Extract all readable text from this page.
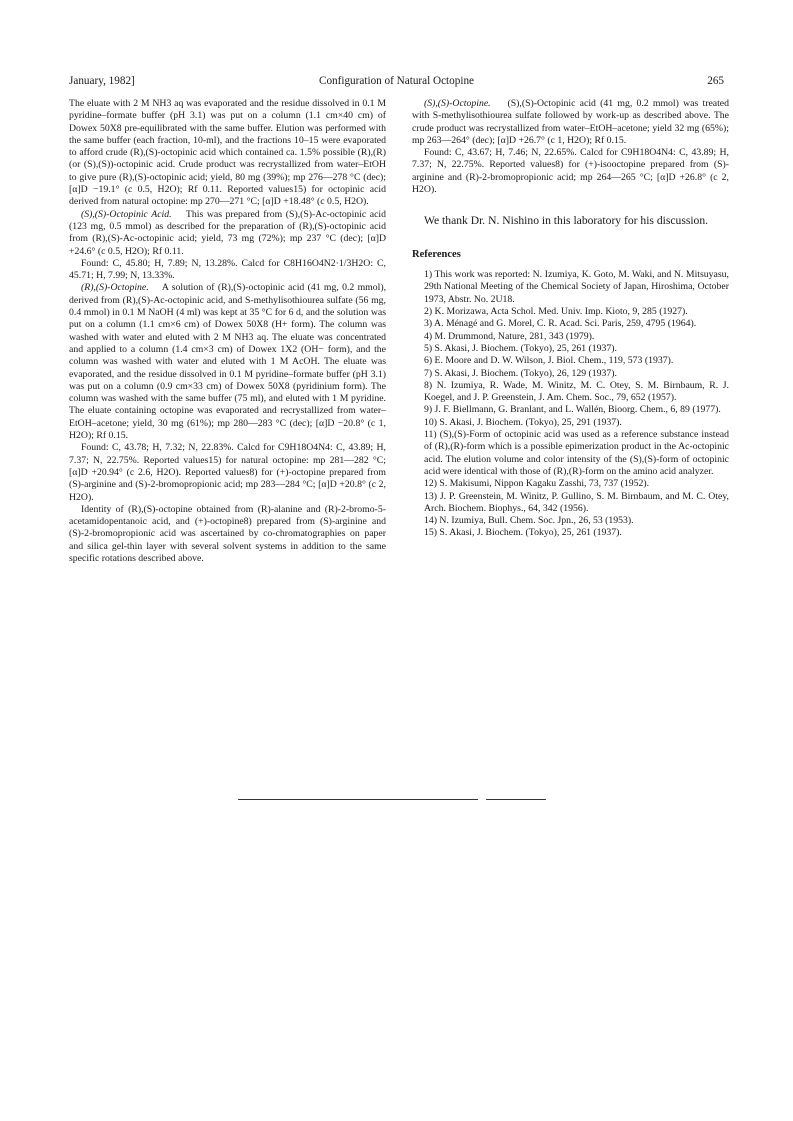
January, 1982]	Configuration of Natural Octopine	265

The eluate with 2 M NH3 aq was evaporated and the residue dissolved in 0.1 M pyridine–formate buffer (pH 3.1) was put on a column (1.1 cm×40 cm) of Dowex 50X8 pre-equilibrated with the same buffer. Elution was performed with the same buffer (each fraction, 10-ml), and the fractions 10–15 were evaporated to afford crude (R),(S)-octopinic acid which contained ca. 1.5% possible (R),(R) (or (S),(S))-octopinic acid. Crude product was recrystallized from water–EtOH to give pure (R),(S)-octopinic acid; yield, 80 mg (39%); mp 276—278 °C (dec); [α]D −19.1° (c 0.5, H2O); Rf 0.11. Reported values15) for octopinic acid derived from natural octopine: mp 270—271 °C; [α]D +18.48° (c 0.5, H2O).

(S),(S)-Octopinic Acid. This was prepared from (S),(S)-Ac-octopinic acid (123 mg, 0.5 mmol) as described for the preparation of (R),(S)-octopinic acid from (R),(S)-Ac-octopinic acid; yield, 73 mg (72%); mp 237 °C (dec); [α]D +24.6° (c 0.5, H2O); Rf 0.11.

Found: C, 45.80; H, 7.89; N, 13.28%. Calcd for C8H16O4N2·1/3H2O: C, 45.71; H, 7.99; N, 13.33%.

(R),(S)-Octopine. A solution of (R),(S)-octopinic acid (41 mg, 0.2 mmol), derived from (R),(S)-Ac-octopinic acid, and S-methylisothiourea sulfate (56 mg, 0.4 mmol) in 0.1 M NaOH (4 ml) was kept at 35 °C for 6 d, and the solution was put on a column (1.1 cm×6 cm) of Dowex 50X8 (H+ form). The column was washed with water and eluted with 2 M NH3 aq. The eluate was concentrated and applied to a column (1.4 cm×3 cm) of Dowex 1X2 (OH− form), and the column was washed with water and eluted with 1 M AcOH. The eluate was evaporated, and the residue dissolved in 0.1 M pyridine–formate buffer (pH 3.1) was put on a column (0.9 cm×33 cm) of Dowex 50X8 (pyridinium form). The column was washed with the same buffer (75 ml), and eluted with 1 M pyridine. The eluate containing octopine was evaporated and recrystallized from water–EtOH–acetone; yield, 30 mg (61%); mp 280—283 °C (dec); [α]D −20.8° (c 1, H2O); Rf 0.15.

Found: C, 43.78; H, 7.32; N, 22.83%. Calcd for C9H18O4N4: C, 43.89; H, 7.37; N, 22.75%. Reported values15) for natural octopine: mp 281—282 °C; [α]D +20.94° (c 2.6, H2O). Reported values8) for (+)-octopine prepared from (S)-arginine and (S)-2-bromopropionic acid; mp 283—284 °C; [α]D +20.8° (c 2, H2O).

Identity of (R),(S)-octopine obtained from (R)-alanine and (R)-2-bromo-5-acetamidopentanoic acid, and (+)-octopine8) prepared from (S)-arginine and (S)-2-bromopropionic acid was ascertained by co-chromatographies on paper and silica gel-thin layer with several solvent systems in addition to the same specific rotations described above.

(S),(S)-Octopine. (S),(S)-Octopinic acid (41 mg, 0.2 mmol) was treated with S-methylisothiourea sulfate followed by work-up as described above. The crude product was recrystallized from water–EtOH–acetone; yield 32 mg (65%); mp 263—264° (dec); [α]D +26.7° (c 1, H2O); Rf 0.15.

Found: C, 43.67; H, 7.46; N, 22.65%. Calcd for C9H18O4N4: C, 43.89; H, 7.37; N, 22.75%. Reported values8) for (+)-isooctopine prepared from (S)-arginine and (R)-2-bromopropionic acid; mp 264—265 °C; [α]D +26.8° (c 2, H2O).

We thank Dr. N. Nishino in this laboratory for his discussion.

References

1) This work was reported: N. Izumiya, K. Goto, M. Waki, and N. Mitsuyasu, 29th National Meeting of the Chemical Society of Japan, Hiroshima, October 1973, Abstr. No. 2U18.

2) K. Morizawa, Acta Schol. Med. Univ. Imp. Kioto, 9, 285 (1927).

3) A. Ménagé and G. Morel, C. R. Acad. Sci. Paris, 259, 4795 (1964).

4) M. Drummond, Nature, 281, 343 (1979).

5) S. Akasi, J. Biochem. (Tokyo), 25, 261 (1937).

6) E. Moore and D. W. Wilson, J. Biol. Chem., 119, 573 (1937).

7) S. Akasi, J. Biochem. (Tokyo), 26, 129 (1937).

8) N. Izumiya, R. Wade, M. Winitz, M. C. Otey, S. M. Birnbaum, R. J. Koegel, and J. P. Greenstein, J. Am. Chem. Soc., 79, 652 (1957).

9) J. F. Biellmann, G. Branlant, and L. Wallén, Bioorg. Chem., 6, 89 (1977).

10) S. Akasi, J. Biochem. (Tokyo), 25, 291 (1937).

11) (S),(S)-Form of octopinic acid was used as a reference substance instead of (R),(R)-form which is a possible epimerization product in the Ac-octopinic acid. The elution volume and color intensity of the (S),(S)-form of octopinic acid were identical with those of (R),(R)-form on the amino acid analyzer.

12) S. Makisumi, Nippon Kagaku Zasshi, 73, 737 (1952).

13) J. P. Greenstein, M. Winitz, P. Gullino, S. M. Birnbaum, and M. C. Otey, Arch. Biochem. Biophys., 64, 342 (1956).

14) N. Izumiya, Bull. Chem. Soc. Jpn., 26, 53 (1953).

15) S. Akasi, J. Biochem. (Tokyo), 25, 261 (1937).
